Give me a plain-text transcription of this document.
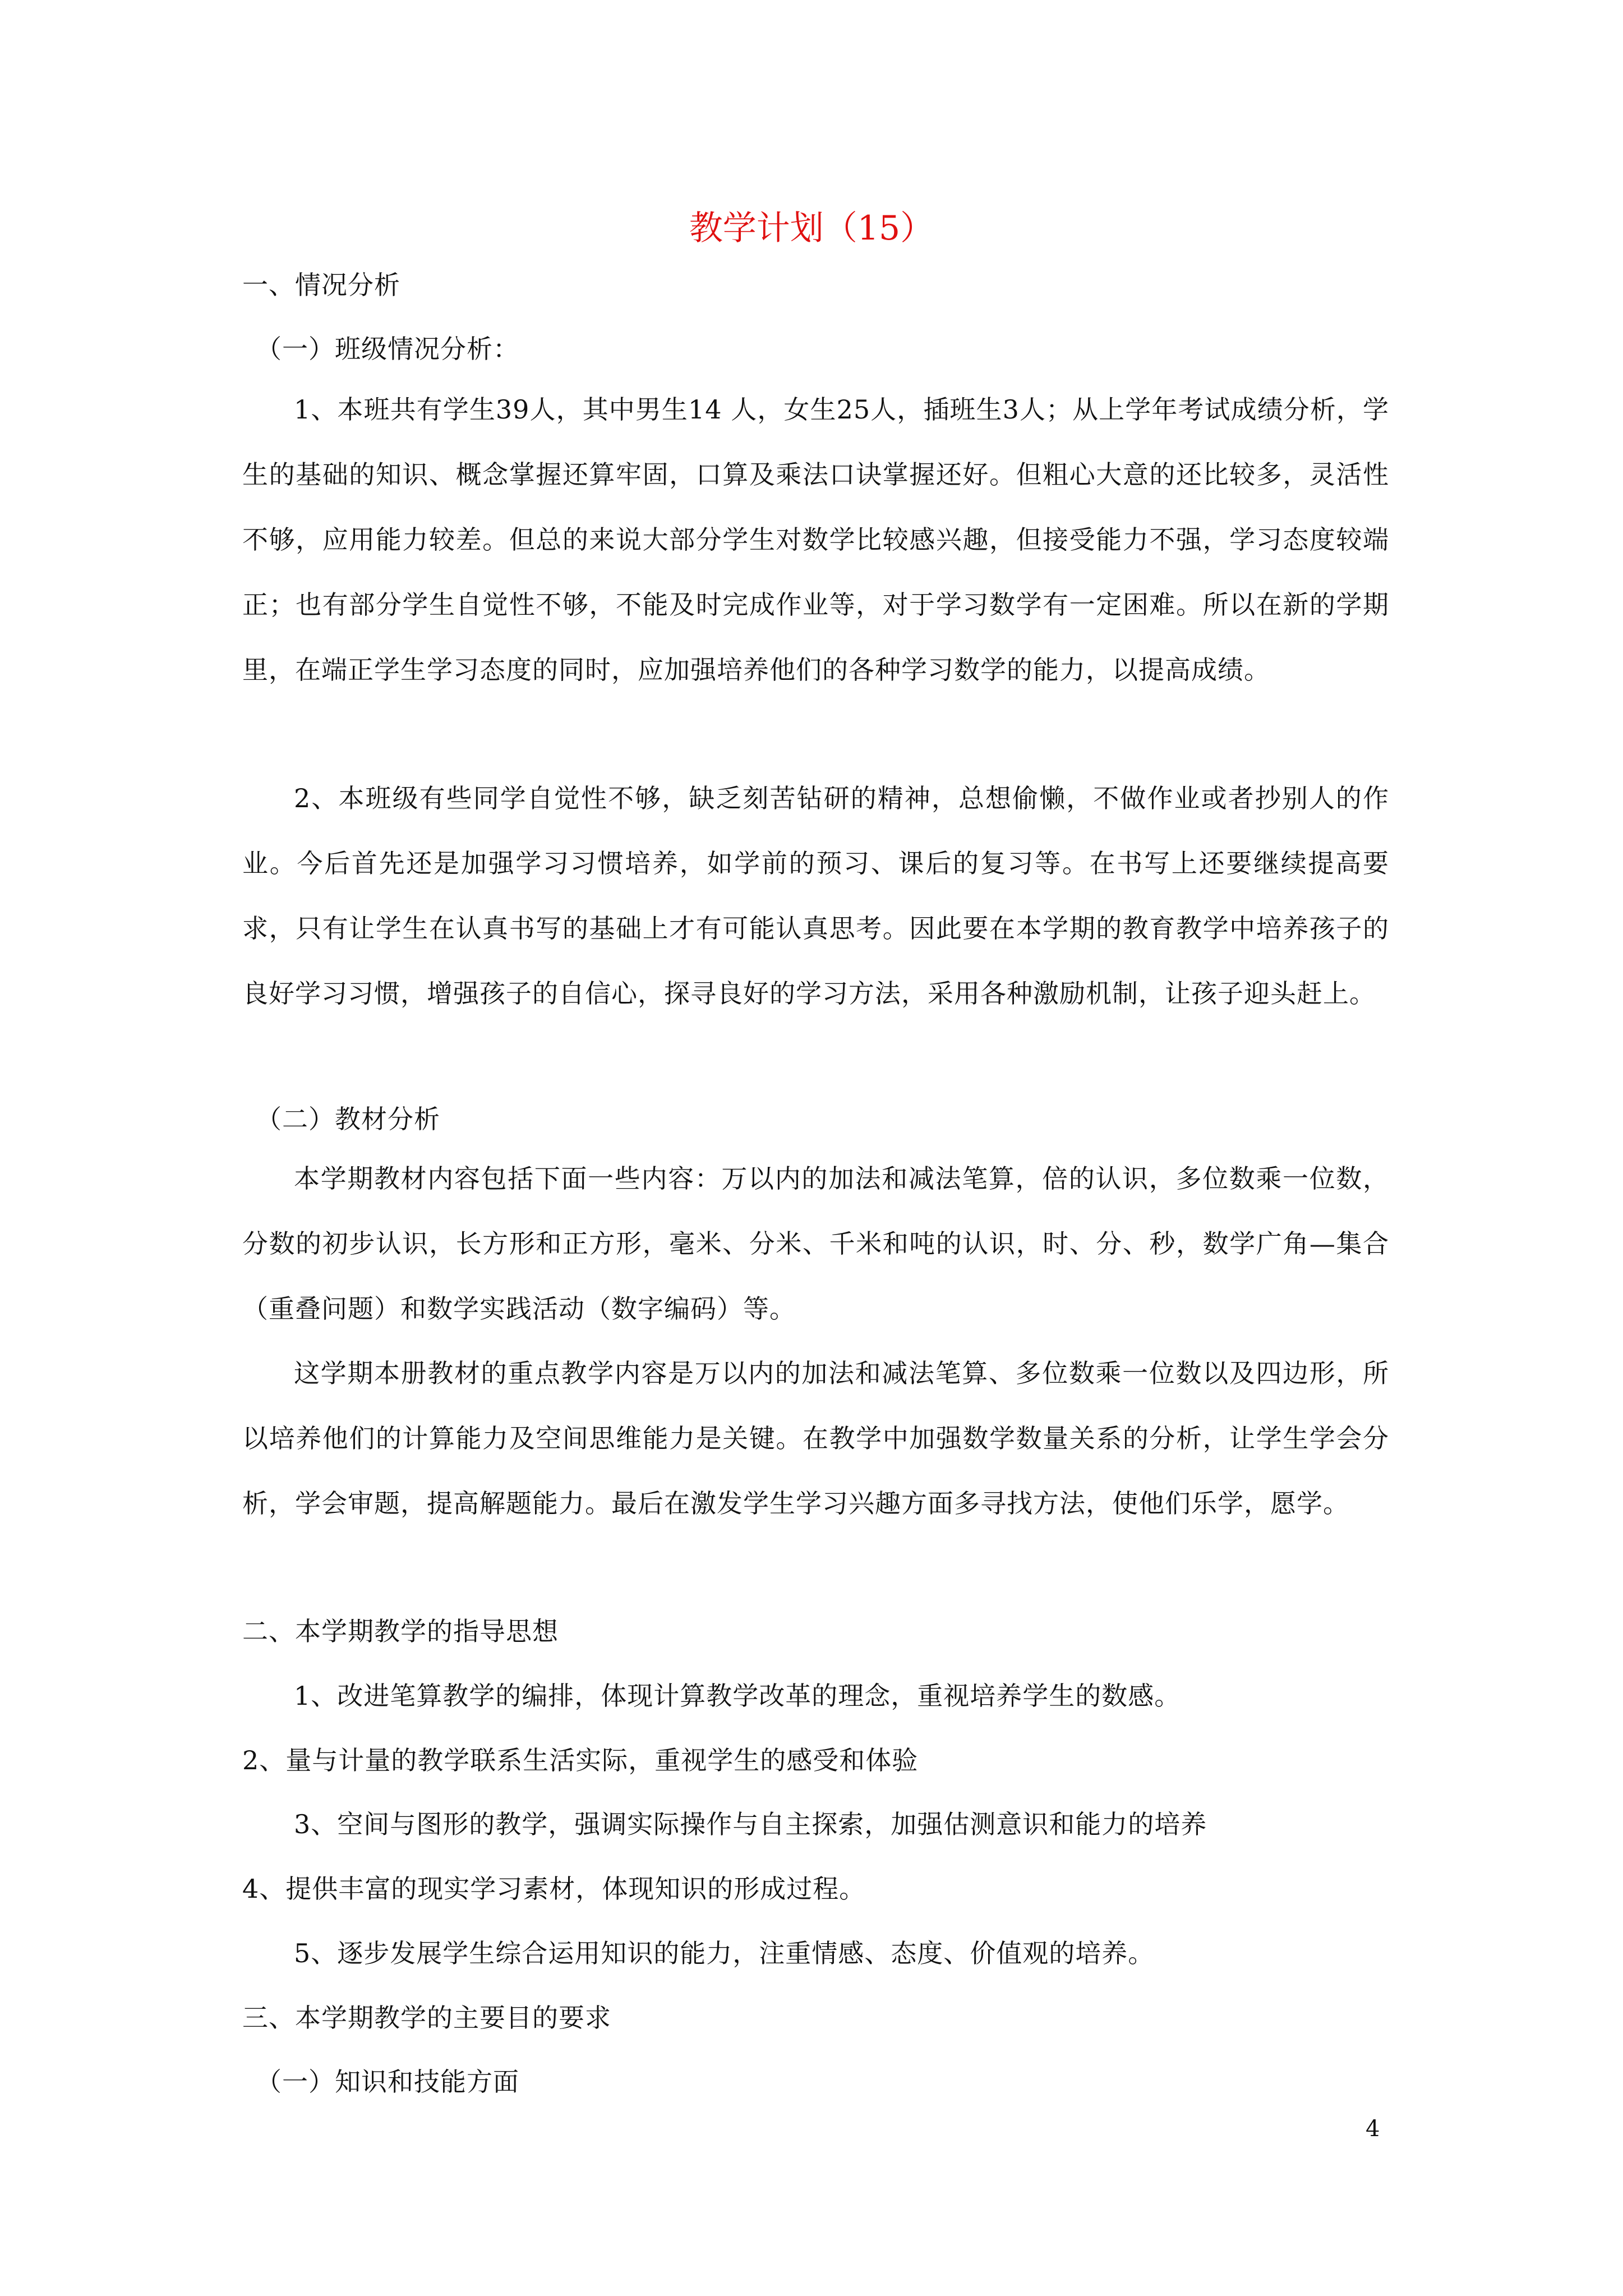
教学计划（15）

一、情况分析

（一）班级情况分析：

1、本班共有学生39人，其中男生14 人，女生25人，插班生3人；从上学年考试成绩分析，学生的基础的知识、概念掌握还算牢固，口算及乘法口诀掌握还好。但粗心大意的还比较多，灵活性不够，应用能力较差。但总的来说大部分学生对数学比较感兴趣，但接受能力不强，学习态度较端正；也有部分学生自觉性不够，不能及时完成作业等，对于学习数学有一定困难。所以在新的学期里，在端正学生学习态度的同时，应加强培养他们的各种学习数学的能力，以提高成绩。

2、本班级有些同学自觉性不够，缺乏刻苦钻研的精神，总想偷懒，不做作业或者抄别人的作业。今后首先还是加强学习习惯培养，如学前的预习、课后的复习等。在书写上还要继续提高要求，只有让学生在认真书写的基础上才有可能认真思考。因此要在本学期的教育教学中培养孩子的良好学习习惯，增强孩子的自信心，探寻良好的学习方法，采用各种激励机制，让孩子迎头赶上。

（二）教材分析

本学期教材内容包括下面一些内容：万以内的加法和减法笔算，倍的认识，多位数乘一位数，分数的初步认识，长方形和正方形，毫米、分米、千米和吨的认识，时、分、秒，数学广角—集合（重叠问题）和数学实践活动（数字编码）等。

这学期本册教材的重点教学内容是万以内的加法和减法笔算、多位数乘一位数以及四边形，所以培养他们的计算能力及空间思维能力是关键。在教学中加强数学数量关系的分析，让学生学会分析，学会审题，提高解题能力。最后在激发学生学习兴趣方面多寻找方法，使他们乐学，愿学。

二、本学期教学的指导思想

1、改进笔算教学的编排，体现计算教学改革的理念，重视培养学生的数感。

2、量与计量的教学联系生活实际，重视学生的感受和体验

3、空间与图形的教学，强调实际操作与自主探索，加强估测意识和能力的培养

4、提供丰富的现实学习素材，体现知识的形成过程。

5、逐步发展学生综合运用知识的能力，注重情感、态度、价值观的培养。

三、本学期教学的主要目的要求

（一）知识和技能方面

4
